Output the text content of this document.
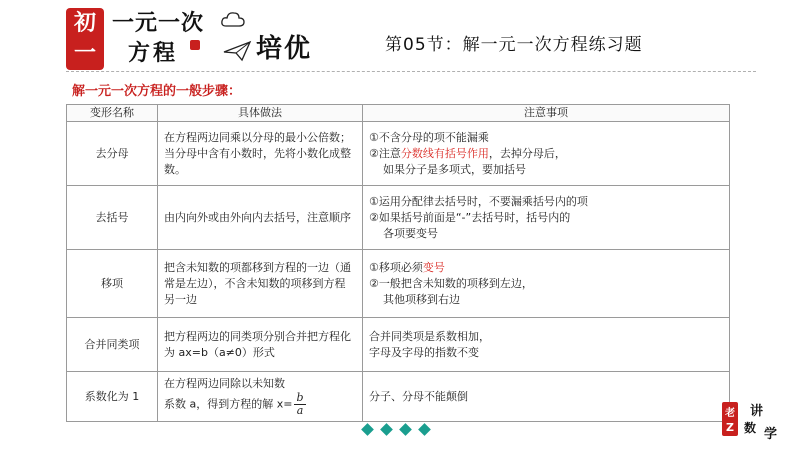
初
一
一元一次
方程	培优	第05节：解一元一次方程练习题
解一元一次方程的一般步骤：
变形名称	具体做法	注意事项
去分母	在方程两边同乘以分母的最小公倍数；当分母中含有小数时，先将小数化成整数。	①不含分母的项不能漏乘
②注意分数线有括号作用，去掉分母后，
如果分子是多项式，要加括号

去括号	由内向外或由外向内去括号，注意顺序	①运用分配律去括号时，不要漏乘括号内的项
②如果括号前面是“-”去括号时，括号内的
各项要变号

移项	把含未知数的项都移到方程的一边（通常是左边），不含未知数的项移到方程另一边	①移项必须变号
②一般把含未知数的项移到左边，
其他项移到右边

合并同类项	把方程两边的同类项分别合并把方程化为 ax=b（a≠0）形式	合并同类项是系数相加，
字母及字母的指数不变

系数化为 1	在方程两边同除以未知数
系数 a，得到方程的解 $x= \frac{b}{a}$	分子、分母不能颠倒
老
Z
讲
数 学
